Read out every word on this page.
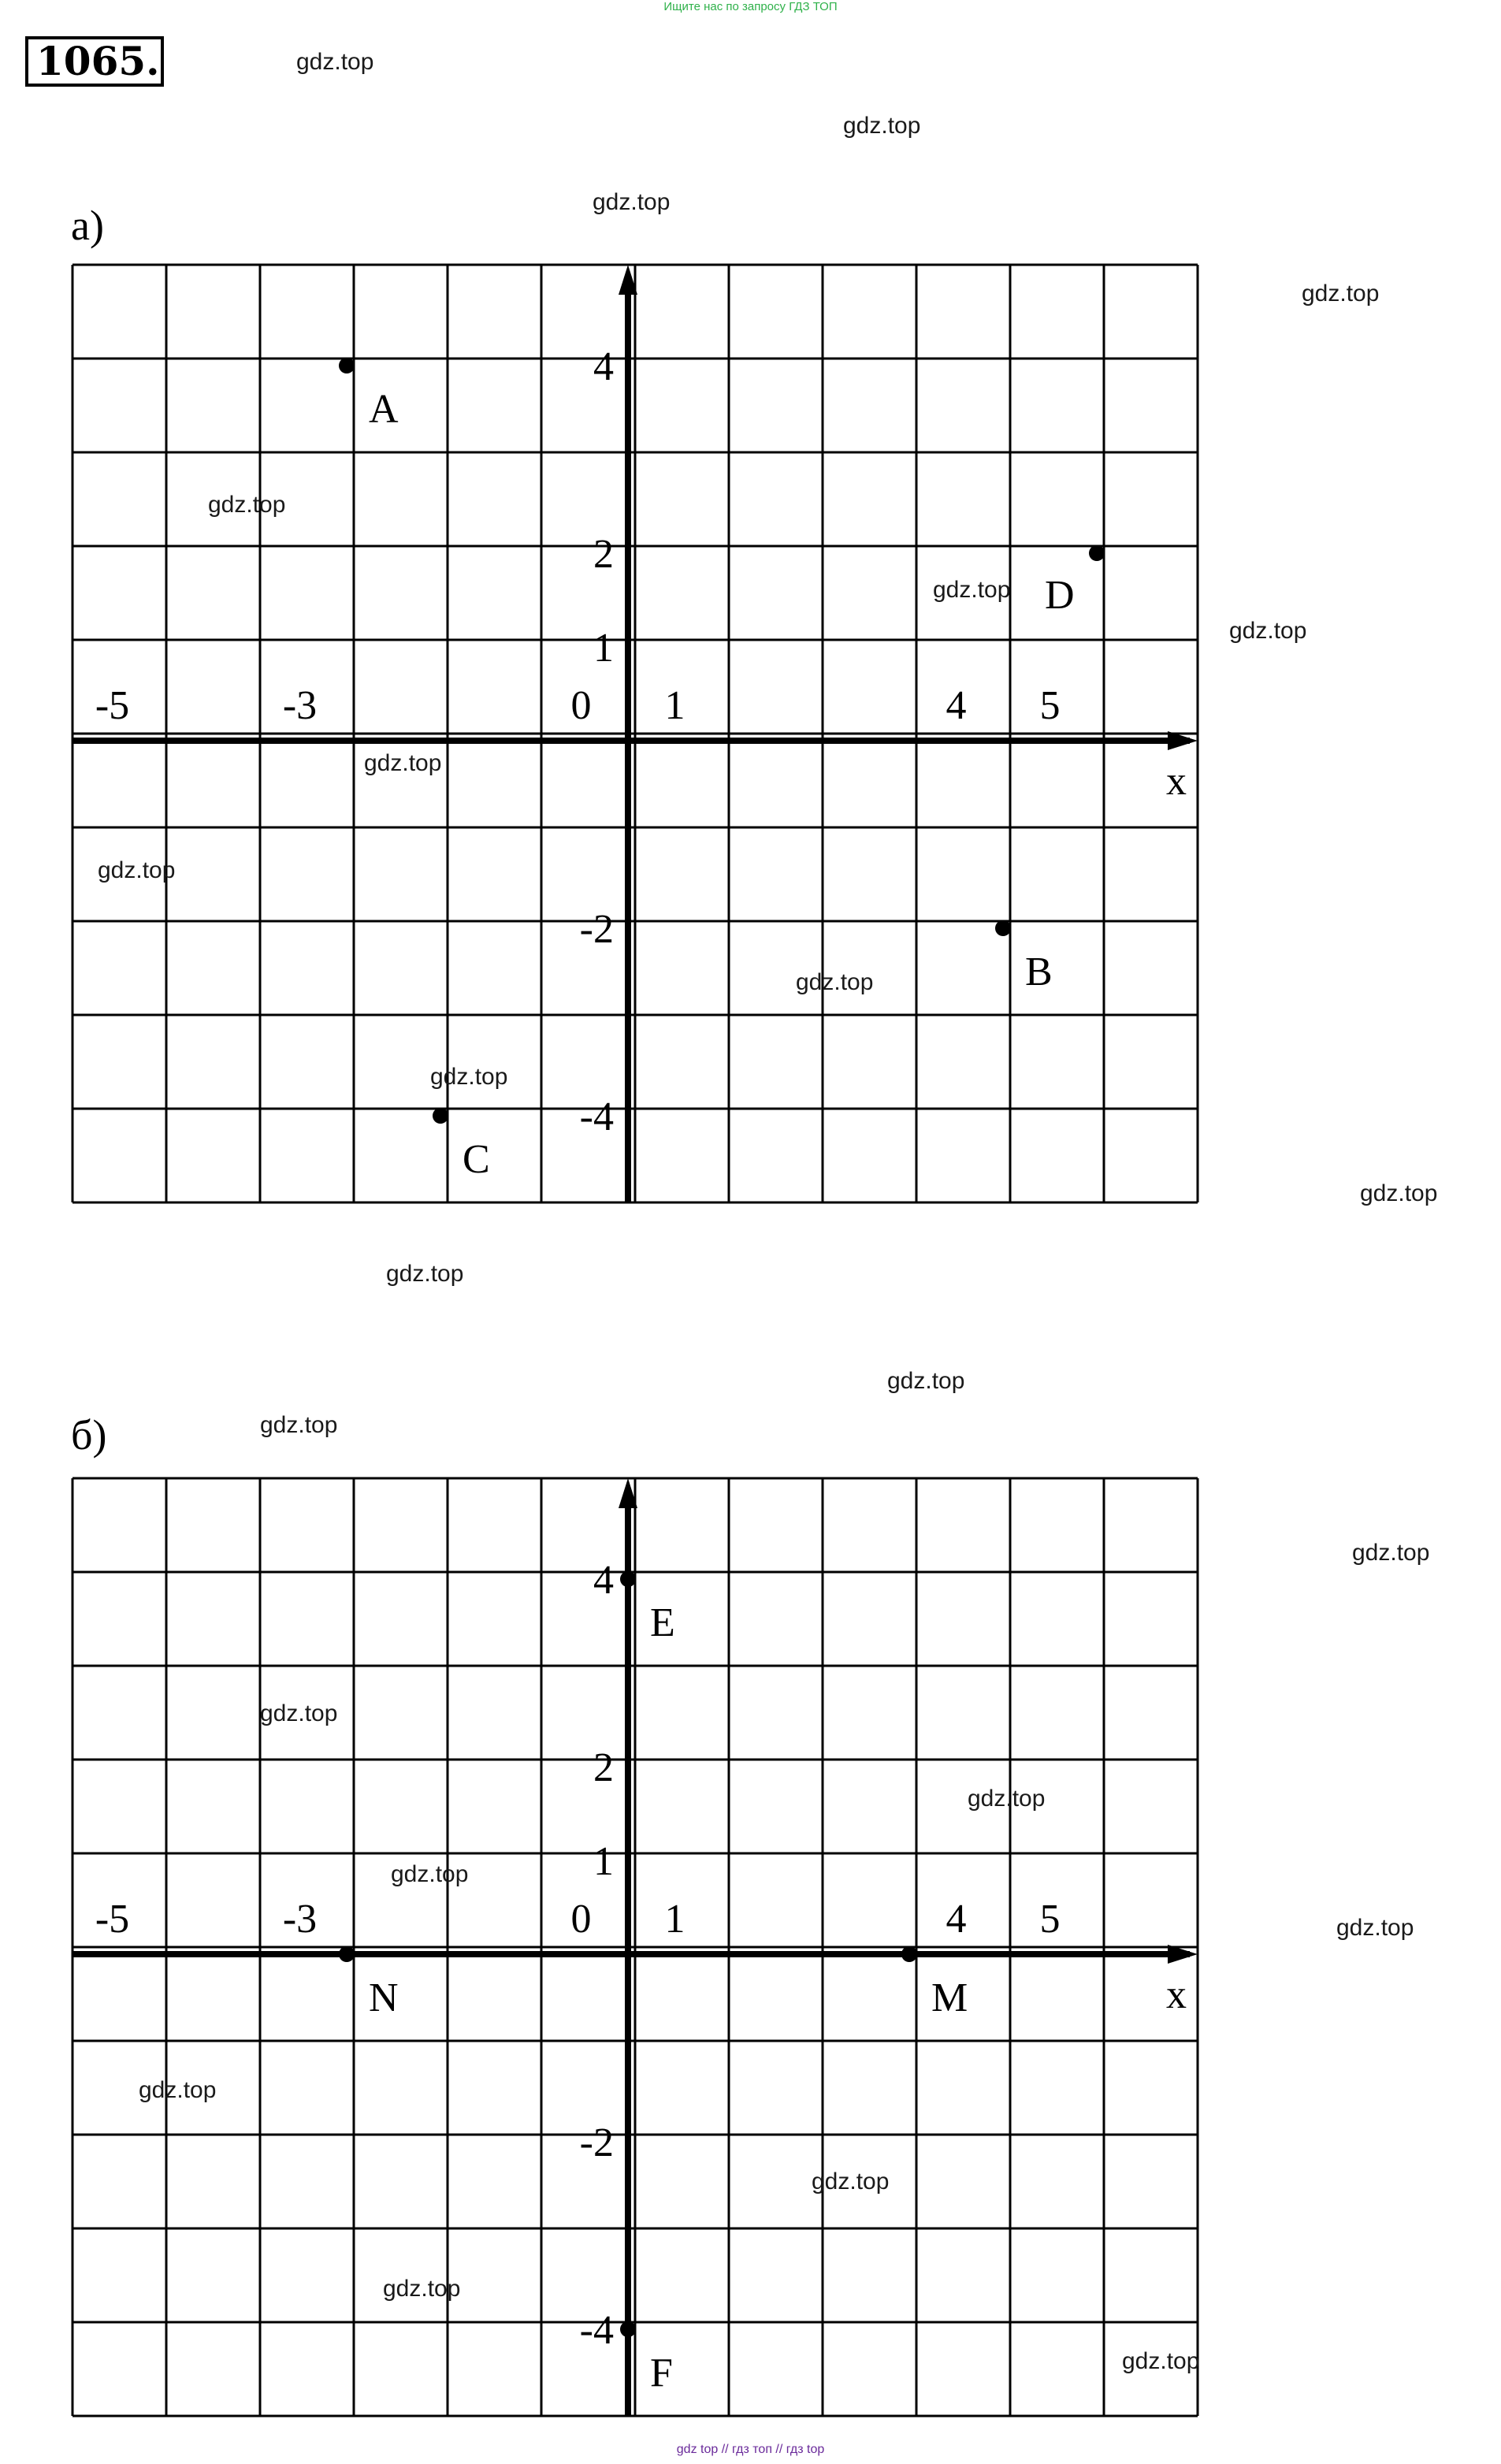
Ищите нас по запросу ГДЗ ТОП
1065.
а)
б)
x
-5	-3	0 1	4 5
4
2
1
-2
-4
A
D
B
C
x
-5	-3	0 1	4 5
4
2
1
-2
-4
E
N	M
F
gdz.top
gdz.top
gdz.top
gdz.top
gdz.top
gdz.top
gdz.top
gdz.top
gdz.top
gdz.top
gdz.top
gdz.top
gdz.top
gdz.top
gdz.top
gdz.top
gdz.top
gdz.top
gdz.top
gdz.top
gdz.top
gdz.top
gdz.top
gdz.top
gdz top // гдз топ // гдз top
